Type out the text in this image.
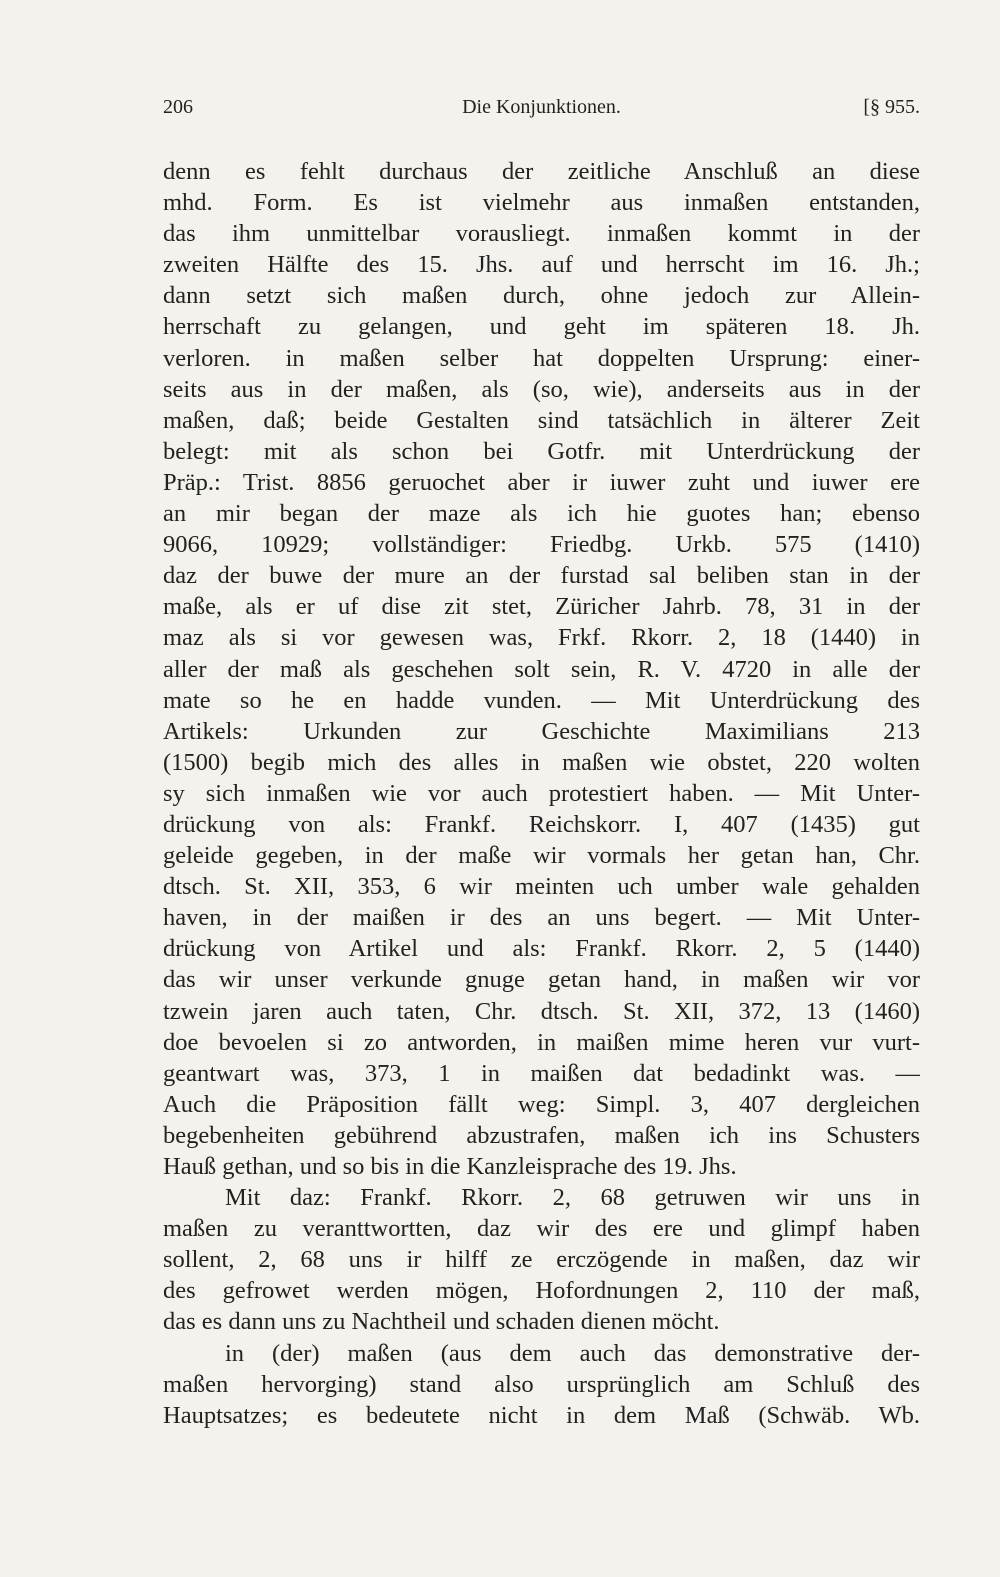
206	Die Konjunktionen.	[§ 955.
denn es fehlt durchaus der zeitliche Anschluß an diese
mhd. Form. Es ist vielmehr aus inmaßen entstanden,
das ihm unmittelbar vorausliegt. inmaßen kommt in der
zweiten Hälfte des 15. Jhs. auf und herrscht im 16. Jh.;
dann setzt sich maßen durch, ohne jedoch zur Allein-
herrschaft zu gelangen, und geht im späteren 18. Jh.
verloren. in maßen selber hat doppelten Ursprung: einer-
seits aus in der maßen, als (so, wie), anderseits aus in der
maßen, daß; beide Gestalten sind tatsächlich in älterer Zeit
belegt: mit als schon bei Gotfr. mit Unterdrückung der
Präp.: Trist. 8856 geruochet aber ir iuwer zuht und iuwer ere
an mir began der maze als ich hie guotes han; ebenso
9066, 10929; vollständiger: Friedbg. Urkb. 575 (1410)
daz der buwe der mure an der furstad sal beliben stan in der
maße, als er uf dise zit stet, Züricher Jahrb. 78, 31 in der
maz als si vor gewesen was, Frkf. Rkorr. 2, 18 (1440) in
aller der maß als geschehen solt sein, R. V. 4720 in alle der
mate so he en hadde vunden. — Mit Unterdrückung des
Artikels: Urkunden zur Geschichte Maximilians 213
(1500) begib mich des alles in maßen wie obstet, 220 wolten
sy sich inmaßen wie vor auch protestiert haben. — Mit Unter-
drückung von als: Frankf. Reichskorr. I, 407 (1435) gut
geleide gegeben, in der maße wir vormals her getan han, Chr.
dtsch. St. XII, 353, 6 wir meinten uch umber wale gehalden
haven, in der maißen ir des an uns begert. — Mit Unter-
drückung von Artikel und als: Frankf. Rkorr. 2, 5 (1440)
das wir unser verkunde gnuge getan hand, in maßen wir vor
tzwein jaren auch taten, Chr. dtsch. St. XII, 372, 13 (1460)
doe bevoelen si zo antworden, in maißen mime heren vur vurt-
geantwart was, 373, 1 in maißen dat bedadinkt was. —
Auch die Präposition fällt weg: Simpl. 3, 407 dergleichen
begebenheiten gebührend abzustrafen, maßen ich ins Schusters
Hauß gethan, und so bis in die Kanzleisprache des 19. Jhs.
Mit daz: Frankf. Rkorr. 2, 68 getruwen wir uns in
maßen zu veranttwortten, daz wir des ere und glimpf haben
sollent, 2, 68 uns ir hilff ze erczögende in maßen, daz wir
des gefrowet werden mögen, Hofordnungen 2, 110 der maß,
das es dann uns zu Nachtheil und schaden dienen möcht.
in (der) maßen (aus dem auch das demonstrative der-
maßen hervorging) stand also ursprünglich am Schluß des
Hauptsatzes; es bedeutete nicht in dem Maß (Schwäb. Wb.
